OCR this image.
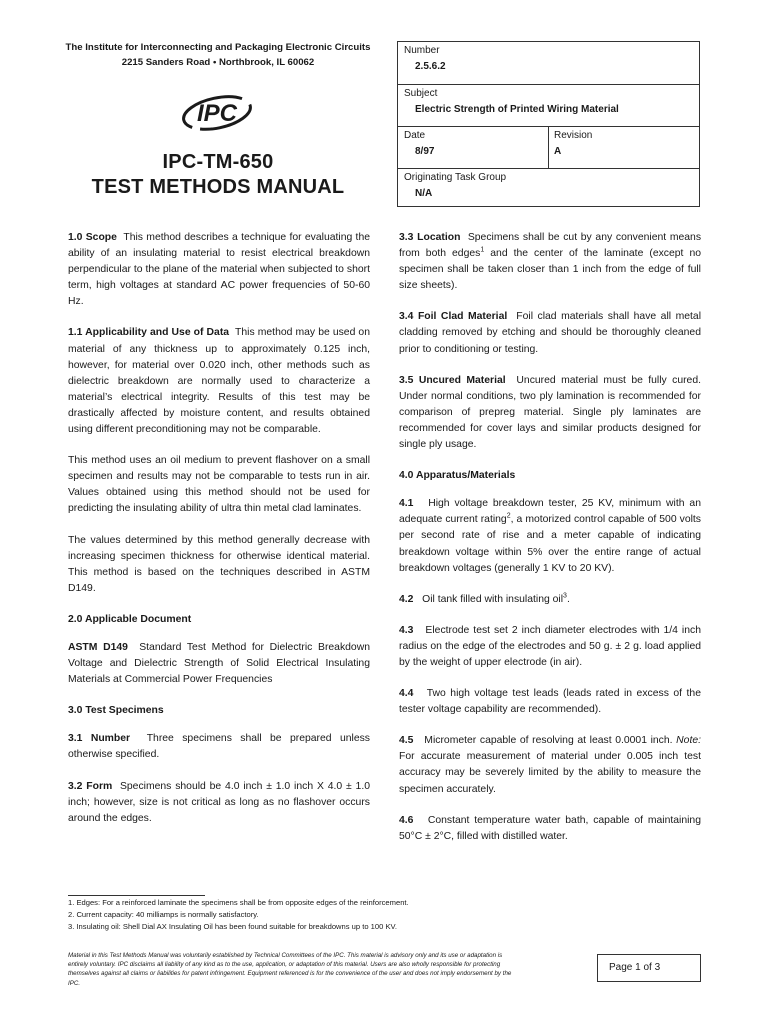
The Institute for Interconnecting and Packaging Electronic Circuits
2215 Sanders Road • Northbrook, IL 60062
IPC
IPC-TM-650
TEST METHODS MANUAL
Number
2.5.6.2
Subject
Electric Strength of Printed Wiring Material
Date
8/97
Revision
A
Originating Task Group
N/A

1.0 Scope This method describes a technique for evaluating the ability of an insulating material to resist electrical breakdown perpendicular to the plane of the material when subjected to short term, high voltages at standard AC power frequencies of 50-60 Hz.

1.1 Applicability and Use of Data This method may be used on material of any thickness up to approximately 0.125 inch, however, for material over 0.020 inch, other methods such as dielectric breakdown are normally used to characterize a material’s electrical integrity. Results of this test may be drastically affected by moisture content, and results obtained using different preconditioning may not be comparable.

This method uses an oil medium to prevent flashover on a small specimen and results may not be comparable to tests run in air. Values obtained using this method should not be used for predicting the insulating ability of ultra thin metal clad laminates.

The values determined by this method generally decrease with increasing specimen thickness for otherwise identical material. This method is based on the techniques described in ASTM D149.

2.0 Applicable Document

ASTM D149 Standard Test Method for Dielectric Breakdown Voltage and Dielectric Strength of Solid Electrical Insulating Materials at Commercial Power Frequencies

3.0 Test Specimens

3.1 Number Three specimens shall be prepared unless otherwise specified.

3.2 Form Specimens should be 4.0 inch ± 1.0 inch X 4.0 ± 1.0 inch; however, size is not critical as long as no flashover occurs around the edges.

3.3 Location Specimens shall be cut by any convenient means from both edges$^1$ and the center of the laminate (except no specimen shall be taken closer than 1 inch from the edge of full size sheets).

3.4 Foil Clad Material Foil clad materials shall have all metal cladding removed by etching and should be thoroughly cleaned prior to conditioning or testing.

3.5 Uncured Material Uncured material must be fully cured. Under normal conditions, two ply lamination is recommended for comparison of prepreg material. Single ply laminates are recommended for cover lays and similar products designed for single ply usage.

4.0 Apparatus/Materials

4.1 High voltage breakdown tester, 25 KV, minimum with an adequate current rating$^2$, a motorized control capable of 500 volts per second rate of rise and a meter capable of indicating breakdown voltage within 5% over the entire range of actual breakdown voltages (generally 1 KV to 20 KV).

4.2 Oil tank filled with insulating oil$^3$.

4.3 Electrode test set 2 inch diameter electrodes with 1/4 inch radius on the edge of the electrodes and 50 g. ± 2 g. load applied by the weight of upper electrode (in air).

4.4 Two high voltage test leads (leads rated in excess of the tester voltage capability are recommended).

4.5 Micrometer capable of resolving at least 0.0001 inch. Note: For accurate measurement of material under 0.005 inch test accuracy may be severely limited by the ability to measure the specimen accurately.

4.6 Constant temperature water bath, capable of maintaining 50°C ± 2°C, filled with distilled water.

1. Edges: For a reinforced laminate the specimens shall be from opposite edges of the reinforcement.
2. Current capacity: 40 milliamps is normally satisfactory.
3. Insulating oil: Shell Dial AX Insulating Oil has been found suitable for breakdowns up to 100 KV.
Material in this Test Methods Manual was voluntarily established by Technical Committees of the IPC. This material is advisory only and its use or adaptation is entirely voluntary. IPC disclaims all liability of any kind as to the use, application, or adaptation of this material. Users are also wholly responsible for protecting themselves against all claims or liabilities for patent infringement. Equipment referenced is for the convenience of the user and does not imply endorsement by the IPC.
Page 1 of 3
